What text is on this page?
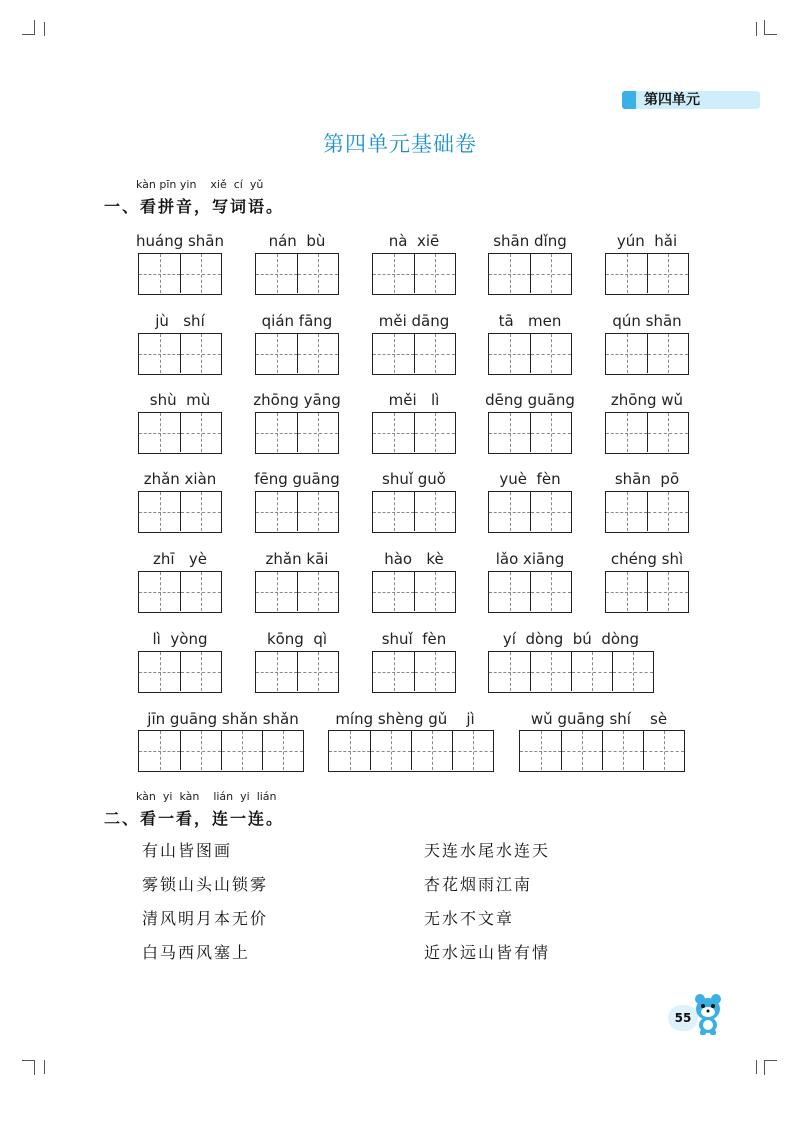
第四单元
第四单元基础卷
kàn pīn yin    xiě  cí  yǔ
一、看拼音，写词语。
huáng shān	nán  bù	nà  xiē	shān dǐng	yún  hǎi
jù   shí	qián fāng	měi dāng	tā   men	qún shān
shù  mù	zhōng yāng	měi   lì	dēng guāng	zhōng wǔ
zhǎn xiàn	fēng guāng	shuǐ guǒ	yuè  fèn	shān  pō
zhī   yè	zhǎn kāi	hào   kè	lǎo xiāng	chéng shì
lì  yòng	kōng  qì	shuǐ  fèn	yí  dòng  bú  dòng
jīn guāng shǎn shǎn	míng shèng gǔ    jì	wǔ guāng shí    sè
kàn  yi  kàn    lián  yi  lián
二、看一看，连一连。
有山皆图画
雾锁山头山锁雾
清风明月本无价
白马西风塞上
天连水尾水连天
杏花烟雨江南
无水不文章
近水远山皆有情
55
